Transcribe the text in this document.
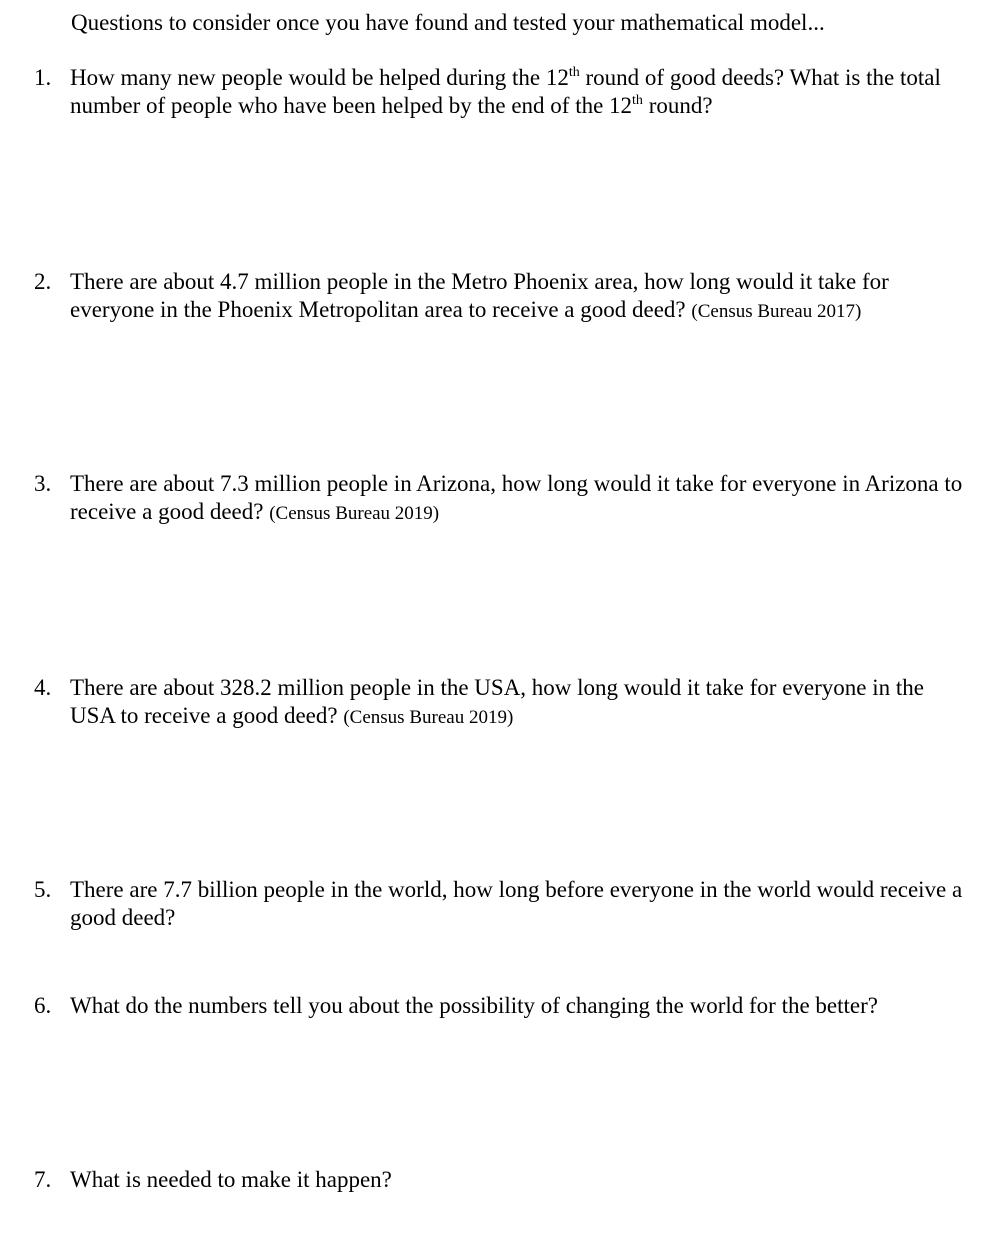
Questions to consider once you have found and tested your mathematical model...
1. How many new people would be helped during the 12th round of good deeds? What is the total number of people who have been helped by the end of the 12th round?
2. There are about 4.7 million people in the Metro Phoenix area, how long would it take for everyone in the Phoenix Metropolitan area to receive a good deed? (Census Bureau 2017)
3. There are about 7.3 million people in Arizona, how long would it take for everyone in Arizona to receive a good deed? (Census Bureau 2019)
4. There are about 328.2 million people in the USA, how long would it take for everyone in the USA to receive a good deed? (Census Bureau 2019)
5. There are 7.7 billion people in the world, how long before everyone in the world would receive a good deed?
6. What do the numbers tell you about the possibility of changing the world for the better?
7. What is needed to make it happen?
